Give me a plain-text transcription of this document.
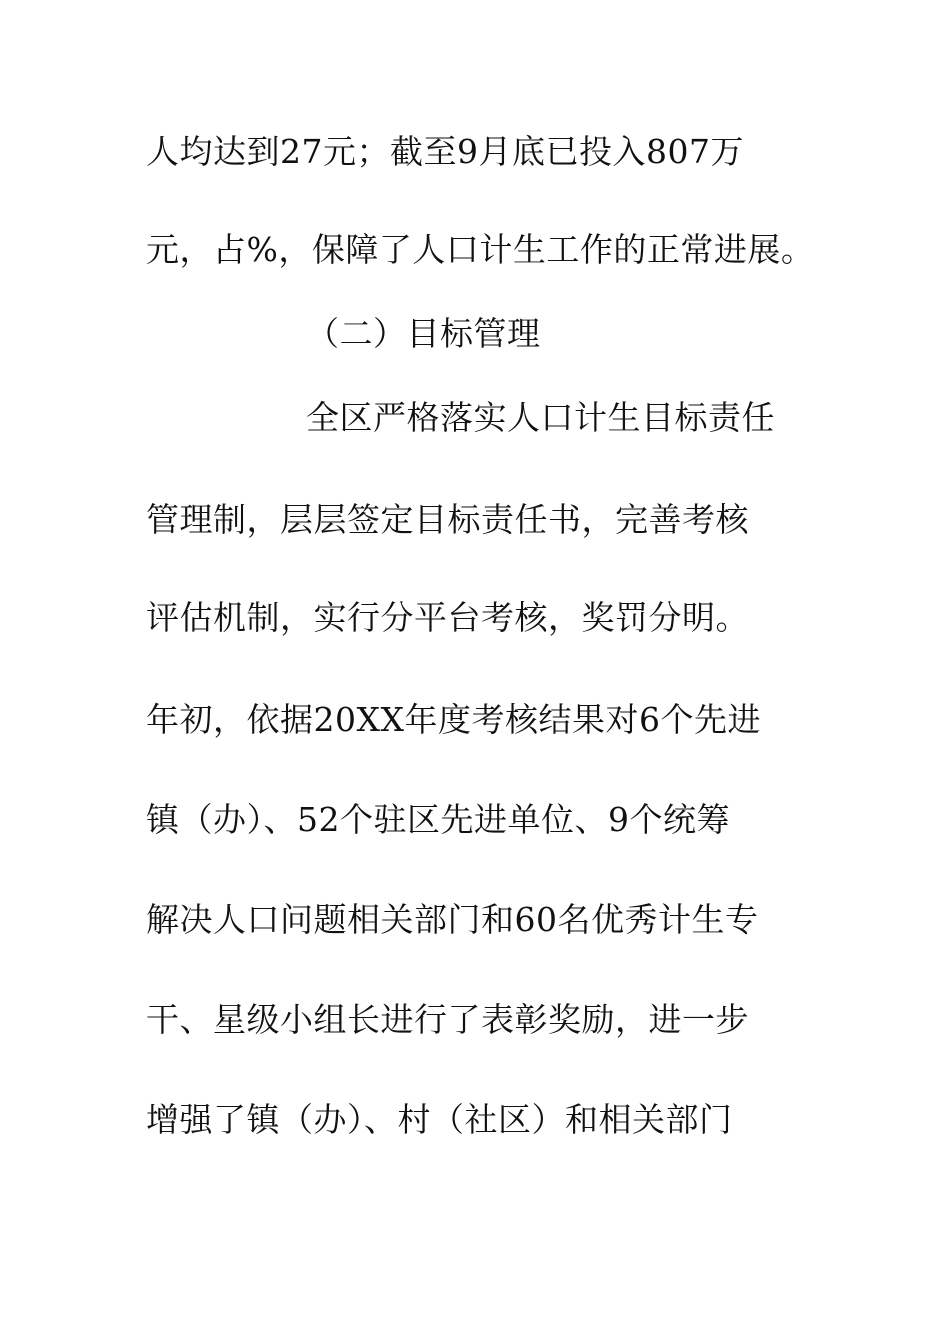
人均达到27元；截至9月底已投入807万
元，占%，保障了人口计生工作的正常进展。
（二）目标管理
全区严格落实人口计生目标责任
管理制，层层签定目标责任书，完善考核
评估机制，实行分平台考核，奖罚分明。
年初，依据20XX年度考核结果对6个先进
镇（办）、52个驻区先进单位、9个统筹
解决人口问题相关部门和60名优秀计生专
干、星级小组长进行了表彰奖励，进一步
增强了镇（办）、村（社区）和相关部门
